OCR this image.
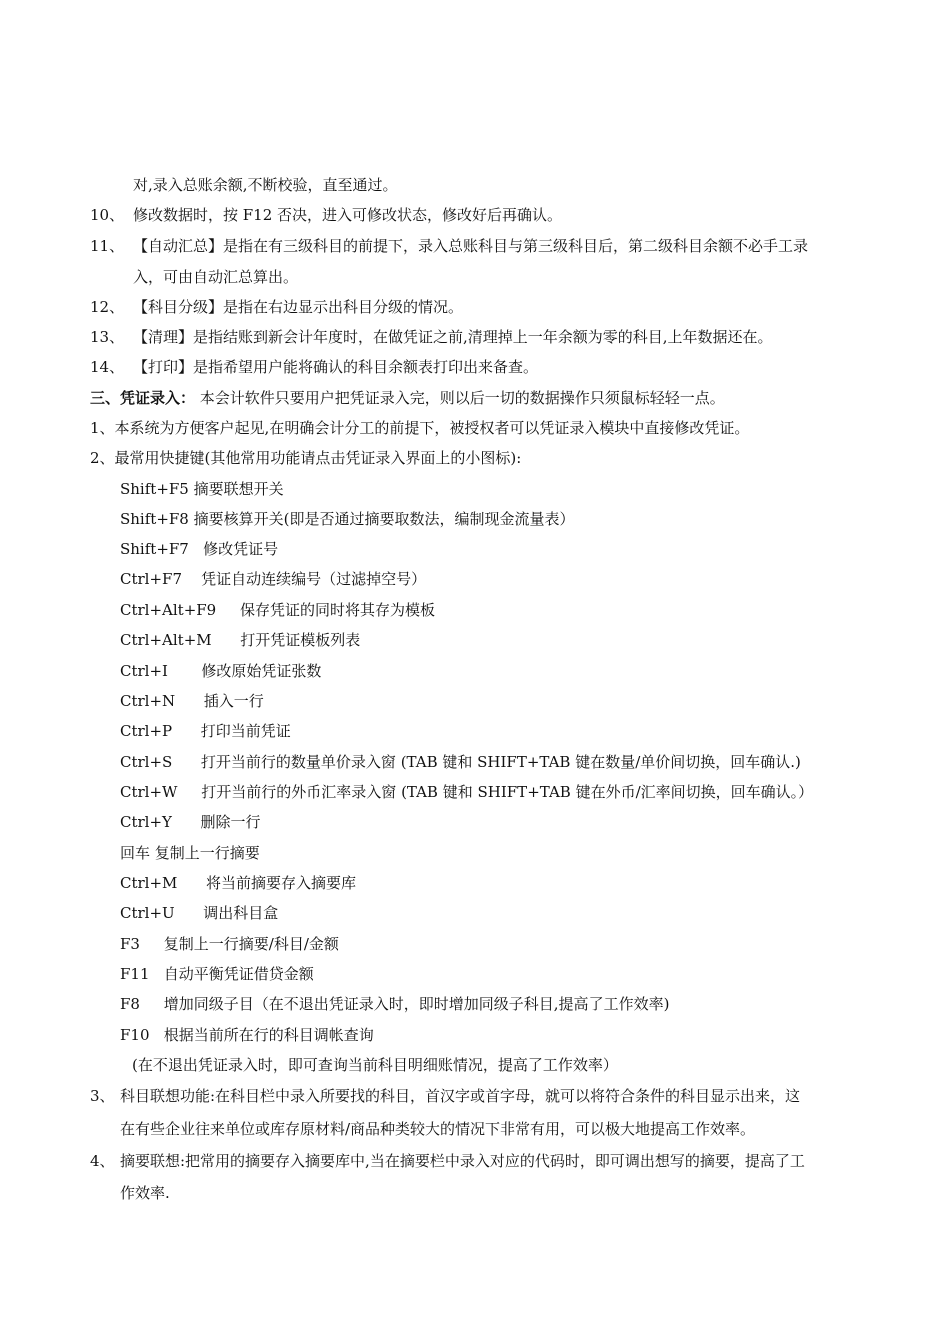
对,录入总账余额,不断校验，直至通过。
10、 修改数据时，按 F12 否决，进入可修改状态，修改好后再确认。
11、 【自动汇总】是指在有三级科目的前提下，录入总账科目与第三级科目后，第二级科目余额不必手工录
入，可由自动汇总算出。
12、 【科目分级】是指在右边显示出科目分级的情况。
13、 【清理】是指结账到新会计年度时，在做凭证之前,清理掉上一年余额为零的科目,上年数据还在。
14、 【打印】是指希望用户能将确认的科目余额表打印出来备查。
三、凭证录入： 本会计软件只要用户把凭证录入完，则以后一切的数据操作只须鼠标轻轻一点。
1、本系统为方便客户起见,在明确会计分工的前提下，被授权者可以凭证录入模块中直接修改凭证。
2、最常用快捷键(其他常用功能请点击凭证录入界面上的小图标):
Shift+F5 摘要联想开关
Shift+F8 摘要核算开关(即是否通过摘要取数法，编制现金流量表）
Shift+F7   修改凭证号
Ctrl+F7    凭证自动连续编号（过滤掉空号）
Ctrl+Alt+F9     保存凭证的同时将其存为模板
Ctrl+Alt+M      打开凭证模板列表
Ctrl+I       修改原始凭证张数
Ctrl+N      插入一行
Ctrl+P      打印当前凭证
Ctrl+S      打开当前行的数量单价录入窗 (TAB 键和 SHIFT+TAB 键在数量/单价间切换，回车确认.)
Ctrl+W     打开当前行的外币汇率录入窗 (TAB 键和 SHIFT+TAB 键在外币/汇率间切换，回车确认。）
Ctrl+Y      删除一行
回车 复制上一行摘要
Ctrl+M      将当前摘要存入摘要库
Ctrl+U      调出科目盒
F3     复制上一行摘要/科目/金额
F11   自动平衡凭证借贷金额
F8     增加同级子目（在不退出凭证录入时，即时增加同级子科目,提高了工作效率)
F10   根据当前所在行的科目调帐查询
(在不退出凭证录入时，即可查询当前科目明细账情况，提高了工作效率）
3、 科目联想功能:在科目栏中录入所要找的科目，首汉字或首字母，就可以将符合条件的科目显示出来，这
在有些企业往来单位或库存原材料/商品种类较大的情况下非常有用，可以极大地提高工作效率。
4、 摘要联想:把常用的摘要存入摘要库中,当在摘要栏中录入对应的代码时，即可调出想写的摘要，提高了工
作效率.
